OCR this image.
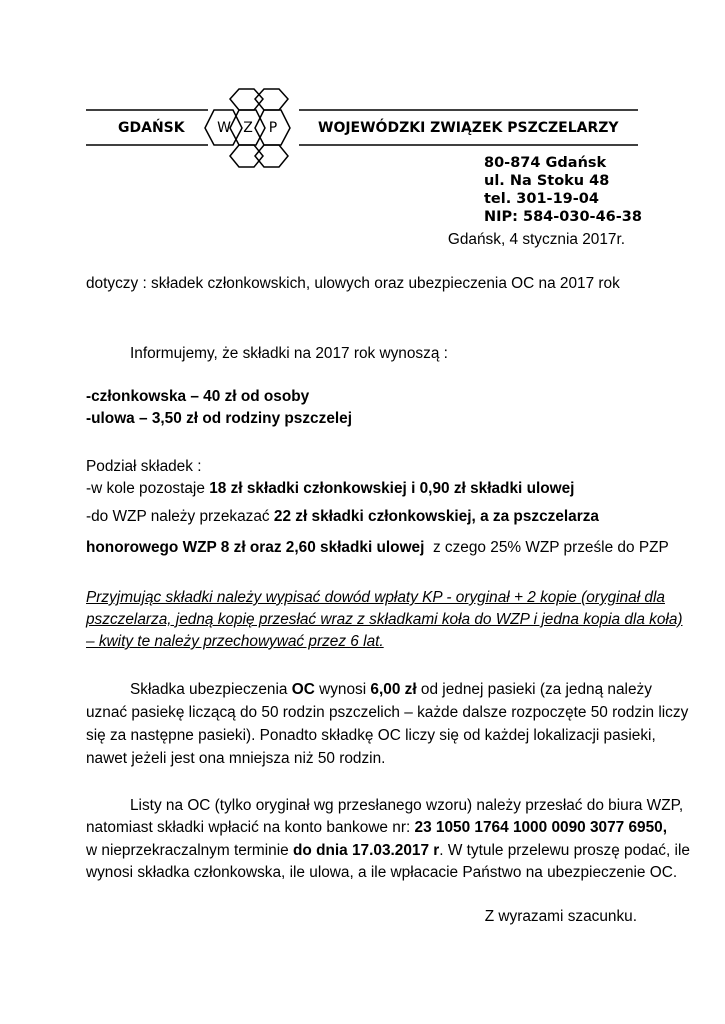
GDAŃSK W Z P	WOJEWÓDZKI ZWIĄZEK PSZCZELARZY
80-874 Gdańsk
ul. Na Stoku 48
tel. 301-19-04
NIP: 584-030-46-38
Gdańsk, 4 stycznia 2017r.
dotyczy : składek członkowskich, ulowych oraz ubezpieczenia OC na 2017 rok
Informujemy, że składki na 2017 rok wynoszą :
-członkowska – 40 zł od osoby
-ulowa – 3,50 zł od rodziny pszczelej
Podział składek :
-w kole pozostaje 18 zł składki członkowskiej i 0,90 zł składki ulowej
-do WZP należy przekazać 22 zł składki członkowskiej, a za pszczelarza
honorowego WZP 8 zł oraz 2,60 składki ulowej  z czego 25% WZP prześle do PZP
Przyjmując składki należy wypisać dowód wpłaty KP - oryginał + 2 kopie (oryginał dla
pszczelarza, jedną kopię przesłać wraz z składkami koła do WZP i jedna kopia dla koła)
– kwity te należy przechowywać przez 6 lat.
Składka ubezpieczenia OC wynosi 6,00 zł od jednej pasieki (za jedną należy
uznać pasiekę liczącą do 50 rodzin pszczelich – każde dalsze rozpoczęte 50 rodzin liczy
się za następne pasieki). Ponadto składkę OC liczy się od każdej lokalizacji pasieki,
nawet jeżeli jest ona mniejsza niż 50 rodzin.
Listy na OC (tylko oryginał wg przesłanego wzoru) należy przesłać do biura WZP,
natomiast składki wpłacić na konto bankowe nr: 23 1050 1764 1000 0090 3077 6950,
w nieprzekraczalnym terminie do dnia 17.03.2017 r. W tytule przelewu proszę podać, ile
wynosi składka członkowska, ile ulowa, a ile wpłacacie Państwo na ubezpieczenie OC.
Z wyrazami szacunku.
